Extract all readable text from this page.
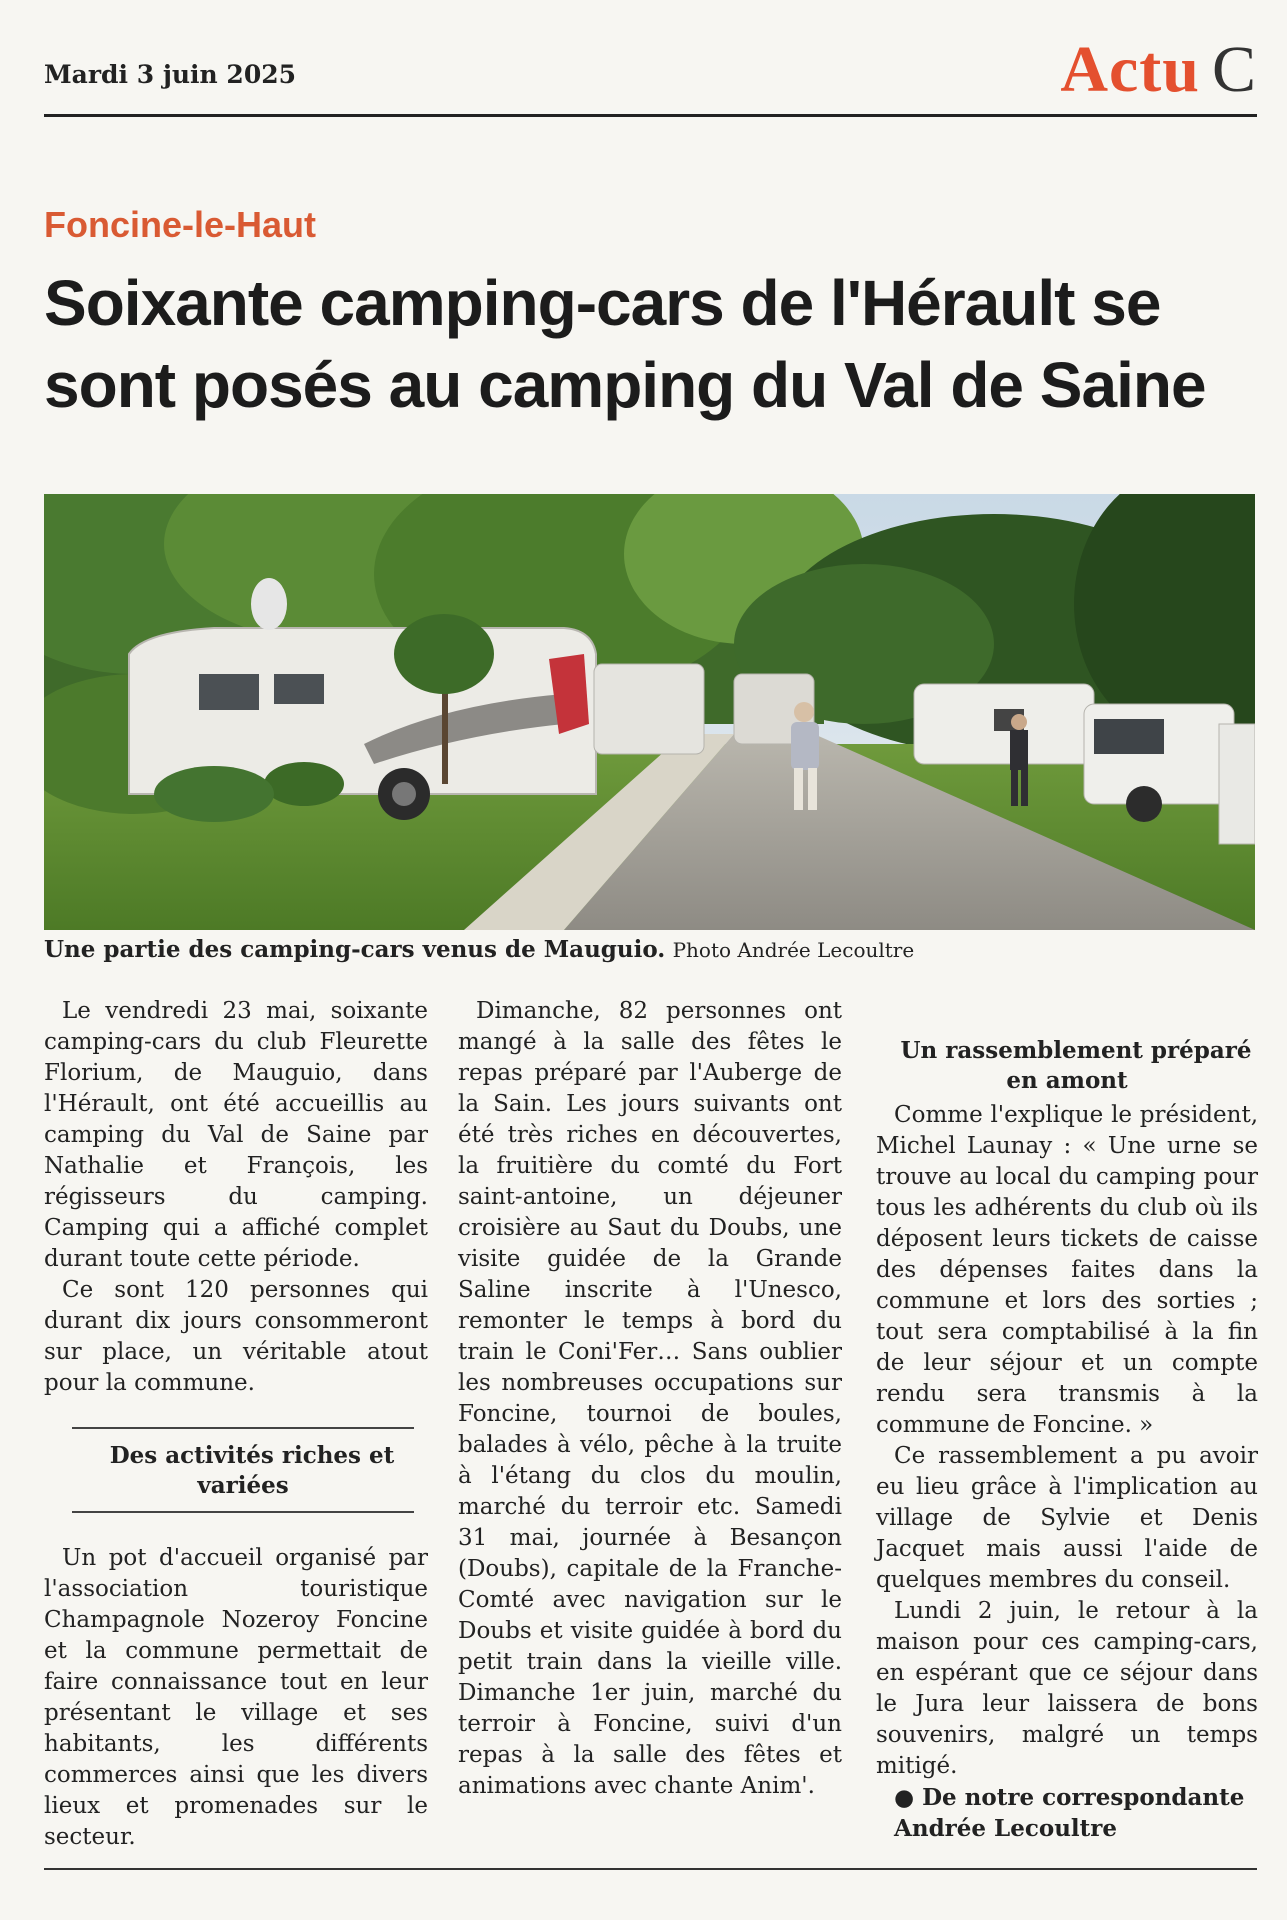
Mardi 3 juin 2025	Actu C
Foncine-le-Haut
Soixante camping-cars de l'Hérault se sont posés au camping du Val de Saine
Une partie des camping-cars venus de Mauguio. Photo Andrée Lecoultre

Le vendredi 23 mai, soixante camping-cars du club Fleurette Florium, de Mauguio, dans l'Hérault, ont été accueillis au camping du Val de Saine par Nathalie et François, les régisseurs du camping. Camping qui a affiché complet durant toute cette période.

Ce sont 120 personnes qui durant dix jours consommeront sur place, un véritable atout pour la commune.

Des activités riches et variées

Un pot d'accueil organisé par l'association touristique Champagnole Nozeroy Foncine et la commune permettait de faire connaissance tout en leur présentant le village et ses habitants, les différents commerces ainsi que les divers lieux et promenades sur le secteur.

Dimanche, 82 personnes ont mangé à la salle des fêtes le repas préparé par l'Auberge de la Sain. Les jours suivants ont été très riches en découvertes, la fruitière du comté du Fort saint-antoine, un déjeuner croisière au Saut du Doubs, une visite guidée de la Grande Saline inscrite à l'Unesco, remonter le temps à bord du train le Coni'Fer… Sans oublier les nombreuses occupations sur Foncine, tournoi de boules, balades à vélo, pêche à la truite à l'étang du clos du moulin, marché du terroir etc. Samedi 31 mai, journée à Besançon (Doubs), capitale de la Franche-Comté avec navigation sur le Doubs et visite guidée à bord du petit train dans la vieille ville. Dimanche 1er juin, marché du terroir à Foncine, suivi d'un repas à la salle des fêtes et animations avec chante Anim'.

Un rassemblement préparé en amont

Comme l'explique le président, Michel Launay : « Une urne se trouve au local du camping pour tous les adhérents du club où ils déposent leurs tickets de caisse des dépenses faites dans la commune et lors des sorties ; tout sera comptabilisé à la fin de leur séjour et un compte rendu sera transmis à la commune de Foncine. »

Ce rassemblement a pu avoir eu lieu grâce à l'implication au village de Sylvie et Denis Jacquet mais aussi l'aide de quelques membres du conseil.

Lundi 2 juin, le retour à la maison pour ces camping-cars, en espérant que ce séjour dans le Jura leur laissera de bons souvenirs, malgré un temps mitigé.

● De notre correspondante

Andrée Lecoultre
